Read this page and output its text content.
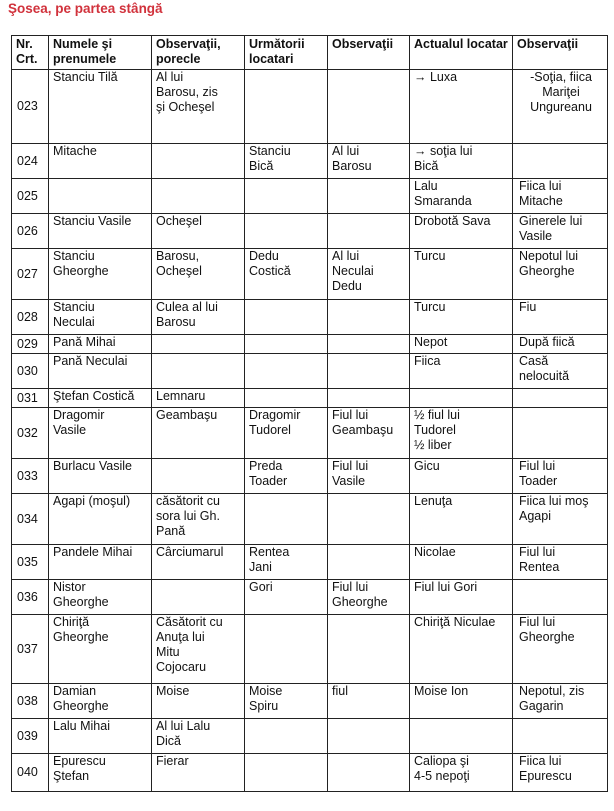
Şosea, pe partea stângă
Nr. Crt.	Numele şi prenumele	Observaţii, porecle	Următorii locatari	Observaţii	Actualul locatar	Observaţii

023	Stanciu Tilă	Al lui
Barosu, zis
şi Ocheşel			→ Luxa	-Soţia, fiica
Mariţei
Ungureanu

024	Mitache		Stanciu
Bică	Al lui
Barosu	→ soţia lui
Bică	

025					Lalu
Smaranda	Fiica lui
Mitache

026	Stanciu Vasile	Ocheşel			Drobotă Sava	Ginerele lui
Vasile

027	Stanciu
Gheorghe	Barosu,
Ocheşel	Dedu
Costică	Al lui
Neculai
Dedu	Turcu	Nepotul lui
Gheorghe

028	Stanciu
Neculai	Culea al lui
Barosu			Turcu	Fiu

029	Pană Mihai				Nepot	După fiică

030	Pană Neculai				Fiica	Casă
nelocuită

031	Ştefan Costică	Lemnaru				

032	Dragomir
Vasile	Geambaşu	Dragomir
Tudorel	Fiul lui
Geambaşu	½ fiul lui
Tudorel
½ liber	

033	Burlacu Vasile		Preda
Toader	Fiul lui
Vasile	Gicu	Fiul lui
Toader

034	Agapi (moşul)	căsătorit cu
sora lui Gh.
Pană			Lenuţa	Fiica lui moş
Agapi

035	Pandele Mihai	Cârciumarul	Rentea
Jani		Nicolae	Fiul lui
Rentea

036	Nistor
Gheorghe		Gori	Fiul lui
Gheorghe	Fiul lui Gori	

037	Chiriţă
Gheorghe	Căsătorit cu
Anuţa lui
Mitu
Cojocaru			Chiriţă Niculae	Fiul lui
Gheorghe

038	Damian
Gheorghe	Moise	Moise
Spiru	fiul	Moise Ion	Nepotul, zis
Gagarin

039	Lalu Mihai	Al lui Lalu
Dică				

040	Epurescu
Ştefan	Fierar			Caliopa şi
4-5 nepoţi	Fiica lui
Epurescu
